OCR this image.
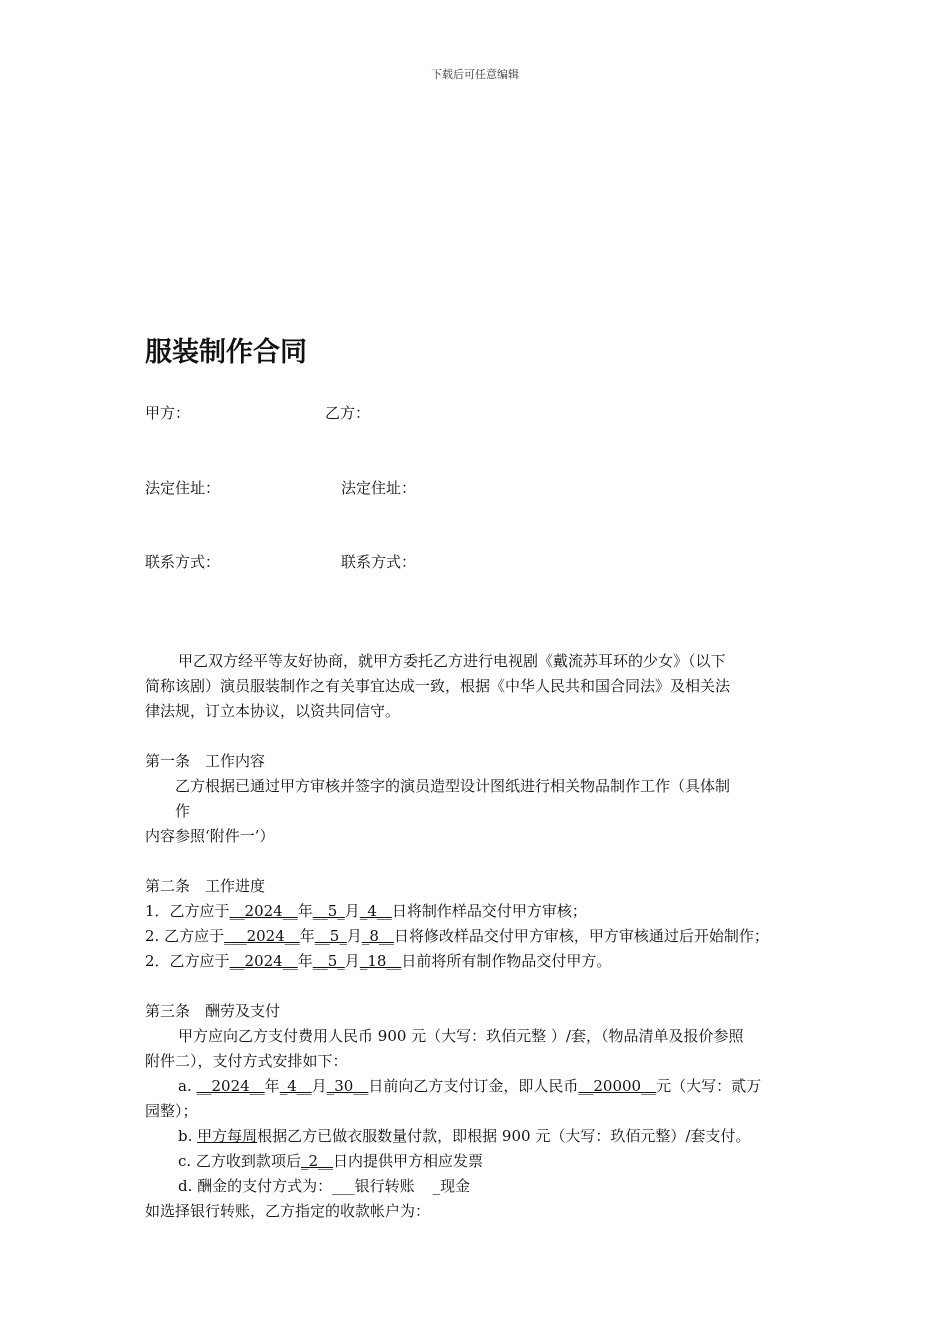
下载后可任意编辑
服装制作合同
甲方：	乙方：
法定住址：	法定住址：
联系方式：	联系方式：
甲乙双方经平等友好协商，就甲方委托乙方进行电视剧《戴流苏耳环的少女》（以下
简称该剧）演员服装制作之有关事宜达成一致，根据《中华人民共和国合同法》及相关法
律法规，订立本协议，以资共同信守。
第一条　工作内容
乙方根据已通过甲方审核并签字的演员造型设计图纸进行相关物品制作工作（具体制
作
内容参照‘附件一’）
第二条　工作进度
1．乙方应于__2024__年__5_月_4__日将制作样品交付甲方审核；
2. 乙方应于___2024__年__5_月_8__日将修改样品交付甲方审核，甲方审核通过后开始制作；
2．乙方应于__2024__年__5_月_18__日前将所有制作物品交付甲方。
第三条　酬劳及支付
甲方应向乙方支付费用人民币 900 元（大写：玖佰元整 ）/套，（物品清单及报价参照
附件二），支付方式安排如下：
a. __2024__年_4__月_30__日前向乙方支付订金，即人民币__20000__元（大写：贰万
园整）；
b. 甲方每周根据乙方已做衣服数量付款，即根据 900 元（大写：玖佰元整）/套支付。
c. 乙方收到款项后_2__日内提供甲方相应发票
d. 酬金的支付方式为：___银行转账 _现金
如选择银行转账，乙方指定的收款帐户为：
